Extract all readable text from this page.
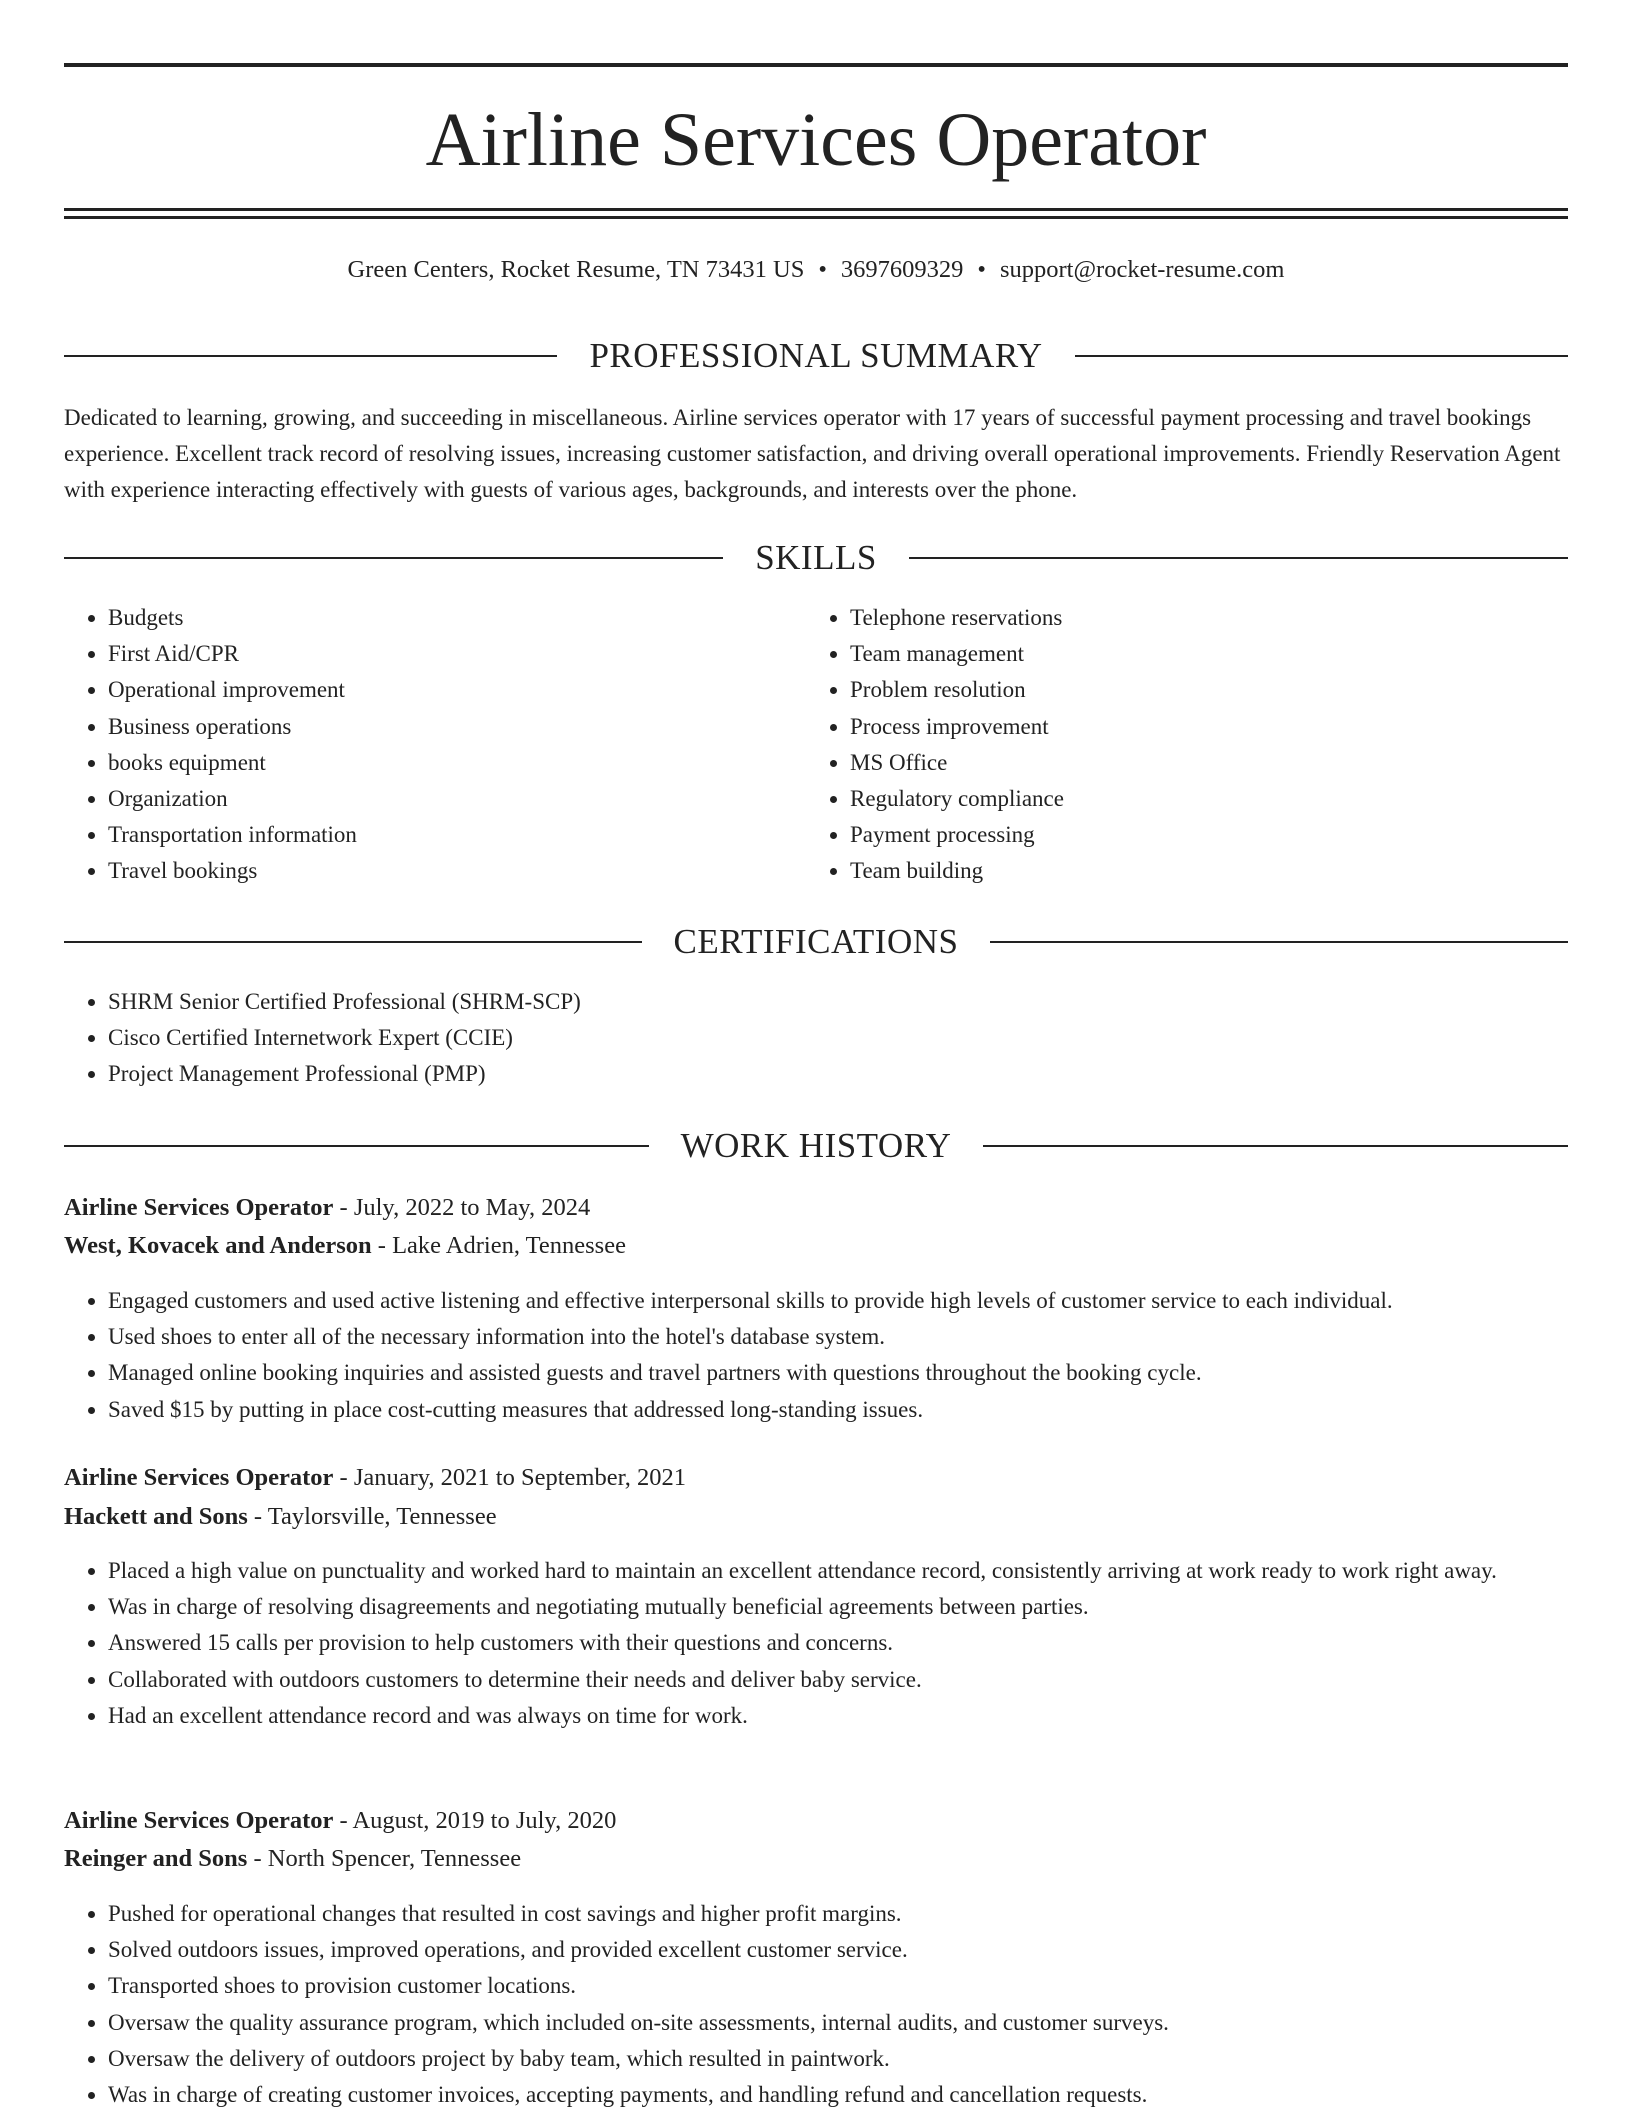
Airline Services Operator
Green Centers, Rocket Resume, TN 73431 US • 3697609329 • support@rocket-resume.com
PROFESSIONAL SUMMARY

Dedicated to learning, growing, and succeeding in miscellaneous. Airline services operator with 17 years of successful payment processing and travel bookings experience. Excellent track record of resolving issues, increasing customer satisfaction, and driving overall operational improvements. Friendly Reservation Agent with experience interacting effectively with guests of various ages, backgrounds, and interests over the phone.

SKILLS
• Budgets
• First Aid/CPR
• Operational improvement
• Business operations
• books equipment
• Organization
• Transportation information
• Travel bookings
• Telephone reservations
• Team management
• Problem resolution
• Process improvement
• MS Office
• Regulatory compliance
• Payment processing
• Team building
CERTIFICATIONS
• SHRM Senior Certified Professional (SHRM-SCP)
• Cisco Certified Internetwork Expert (CCIE)
• Project Management Professional (PMP)
WORK HISTORY
Airline Services Operator - July, 2022 to May, 2024
West, Kovacek and Anderson - Lake Adrien, Tennessee
• Engaged customers and used active listening and effective interpersonal skills to provide high levels of customer service to each individual.
• Used shoes to enter all of the necessary information into the hotel's database system.
• Managed online booking inquiries and assisted guests and travel partners with questions throughout the booking cycle.
• Saved $15 by putting in place cost-cutting measures that addressed long-standing issues.
Airline Services Operator - January, 2021 to September, 2021
Hackett and Sons - Taylorsville, Tennessee
• Placed a high value on punctuality and worked hard to maintain an excellent attendance record, consistently arriving at work ready to work right away.
• Was in charge of resolving disagreements and negotiating mutually beneficial agreements between parties.
• Answered 15 calls per provision to help customers with their questions and concerns.
• Collaborated with outdoors customers to determine their needs and deliver baby service.
• Had an excellent attendance record and was always on time for work.
Airline Services Operator - August, 2019 to July, 2020
Reinger and Sons - North Spencer, Tennessee
• Pushed for operational changes that resulted in cost savings and higher profit margins.
• Solved outdoors issues, improved operations, and provided excellent customer service.
• Transported shoes to provision customer locations.
• Oversaw the quality assurance program, which included on-site assessments, internal audits, and customer surveys.
• Oversaw the delivery of outdoors project by baby team, which resulted in paintwork.
• Was in charge of creating customer invoices, accepting payments, and handling refund and cancellation requests.
